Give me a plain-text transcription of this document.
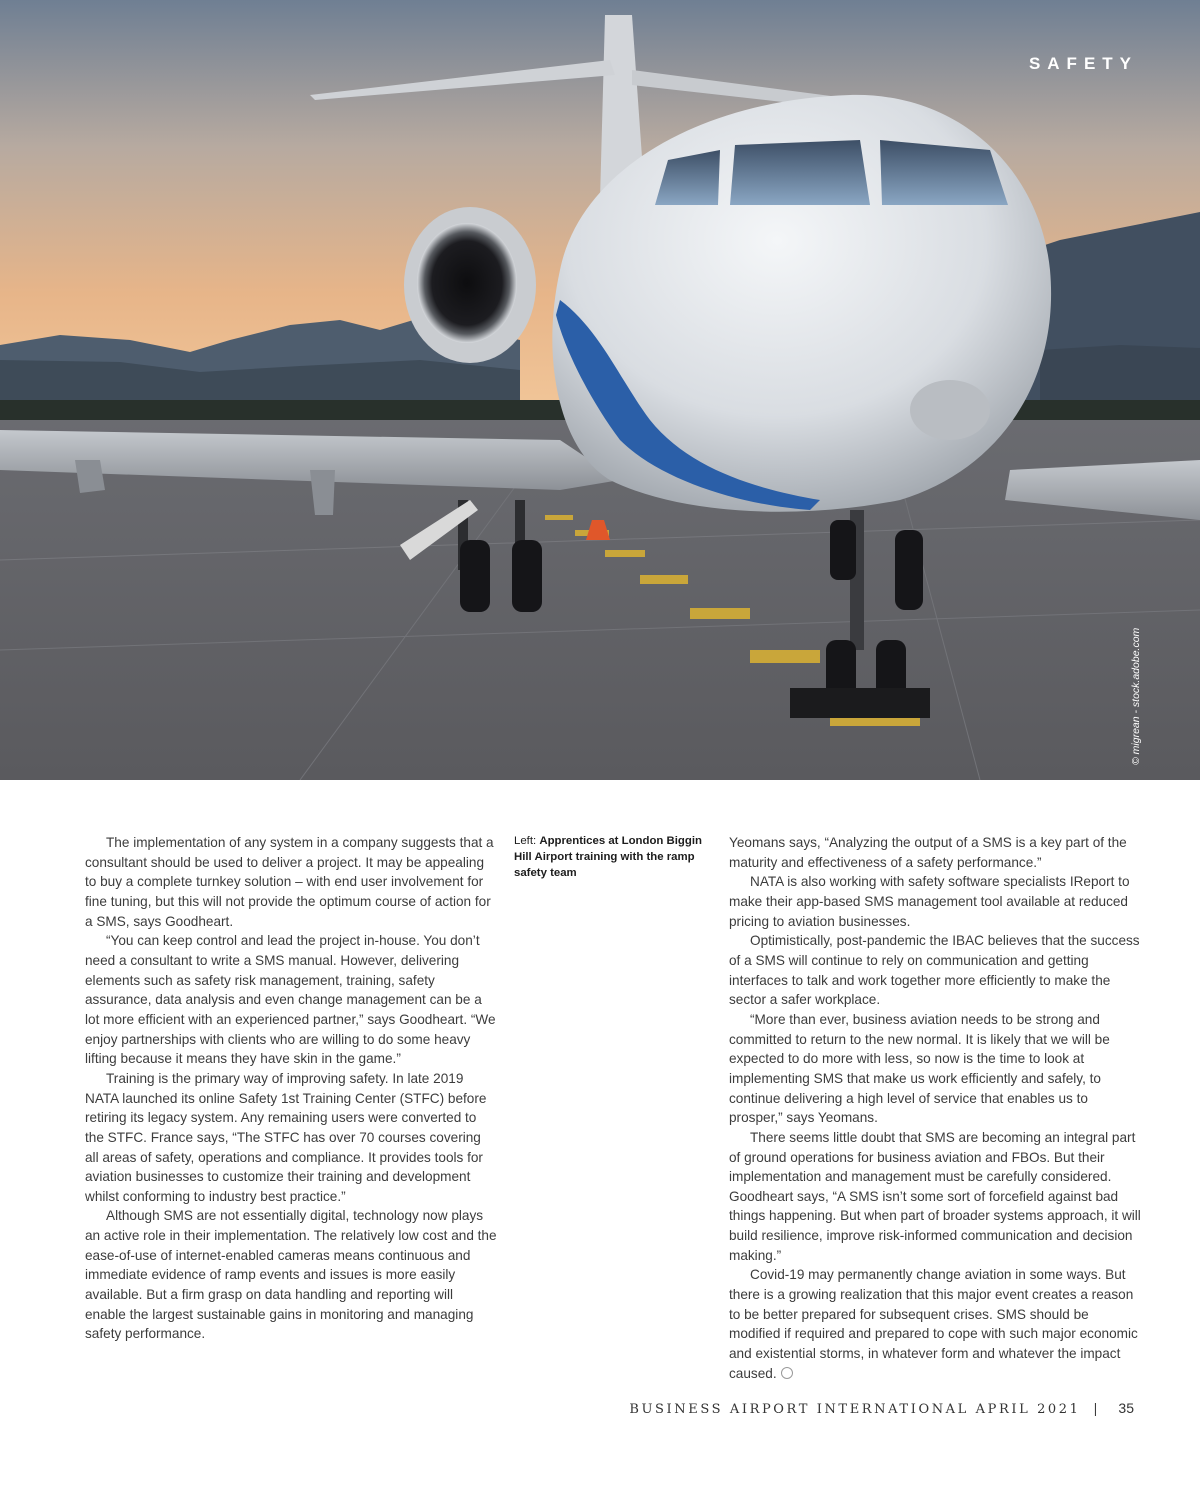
SAFETY
© migrean - stock.adobe.com

The implementation of any system in a company suggests that a consultant should be used to deliver a project. It may be appealing to buy a complete turnkey solution – with end user involvement for fine tuning, but this will not provide the optimum course of action for a SMS, says Goodheart.

“You can keep control and lead the project in-house. You don’t need a consultant to write a SMS manual. However, delivering elements such as safety risk management, training, safety assurance, data analysis and even change management can be a lot more efficient with an experienced partner,” says Goodheart. “We enjoy partnerships with clients who are willing to do some heavy lifting because it means they have skin in the game.”

Training is the primary way of improving safety. In late 2019 NATA launched its online Safety 1st Training Center (STFC) before retiring its legacy system. Any remaining users were converted to the STFC. France says, “The STFC has over 70 courses covering all areas of safety, operations and compliance. It provides tools for aviation businesses to customize their training and development whilst conforming to industry best practice.”

Although SMS are not essentially digital, technology now plays an active role in their implementation. The relatively low cost and the ease-of-use of internet-enabled cameras means continuous and immediate evidence of ramp events and issues is more easily available. But a firm grasp on data handling and reporting will enable the largest sustainable gains in monitoring and managing safety performance.

Left: Apprentices at London Biggin Hill Airport training with the ramp safety team

Yeomans says, “Analyzing the output of a SMS is a key part of the maturity and effectiveness of a safety performance.”

NATA is also working with safety software specialists IReport to make their app-based SMS management tool available at reduced pricing to aviation businesses.

Optimistically, post-pandemic the IBAC believes that the success of a SMS will continue to rely on communication and getting interfaces to talk and work together more efficiently to make the sector a safer workplace.

“More than ever, business aviation needs to be strong and committed to return to the new normal. It is likely that we will be expected to do more with less, so now is the time to look at implementing SMS that make us work efficiently and safely, to continue delivering a high level of service that enables us to prosper,” says Yeomans.

There seems little doubt that SMS are becoming an integral part of ground operations for business aviation and FBOs. But their implementation and management must be carefully considered. Goodheart says, “A SMS isn’t some sort of forcefield against bad things happening. But when part of broader systems approach, it will build resilience, improve risk-informed communication and decision making.”

Covid-19 may permanently change aviation in some ways. But there is a growing realization that this major event creates a reason to be better prepared for subsequent crises. SMS should be modified if required and prepared to cope with such major economic and existential storms, in whatever form and whatever the impact caused.

BUSINESS AIRPORT INTERNATIONAL APRIL 2021 | 35
